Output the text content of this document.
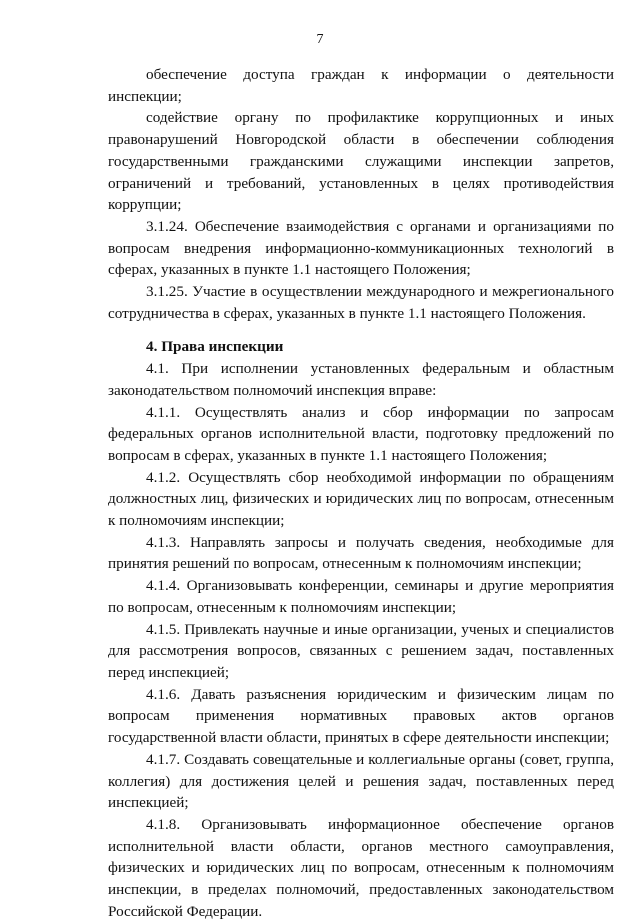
7

обеспечение доступа граждан к информации о деятельности инспекции;

содействие органу по профилактике коррупционных и иных правонарушений Новгородской области в обеспечении соблюдения государственными гражданскими служащими инспекции запретов, ограничений и требований, установленных в целях противодействия коррупции;

3.1.24. Обеспечение взаимодействия с органами и организациями по вопросам внедрения информационно-коммуникационных технологий в сферах, указанных в пункте 1.1 настоящего Положения;

3.1.25. Участие в осуществлении международного и межрегионального сотрудничества в сферах, указанных в пункте 1.1 настоящего Положения.

4. Права инспекции

4.1. При исполнении установленных федеральным и областным законодательством полномочий инспекция вправе:

4.1.1. Осуществлять анализ и сбор информации по запросам федеральных органов исполнительной власти, подготовку предложений по вопросам в сферах, указанных в пункте 1.1 настоящего Положения;

4.1.2. Осуществлять сбор необходимой информации по обращениям должностных лиц, физических и юридических лиц по вопросам, отнесенным к полномочиям инспекции;

4.1.3. Направлять запросы и получать сведения, необходимые для принятия решений по вопросам, отнесенным к полномочиям инспекции;

4.1.4. Организовывать конференции, семинары и другие мероприятия по вопросам, отнесенным к полномочиям инспекции;

4.1.5. Привлекать научные и иные организации, ученых и специалистов для рассмотрения вопросов, связанных с решением задач, поставленных перед инспекцией;

4.1.6. Давать разъяснения юридическим и физическим лицам по вопросам применения нормативных правовых актов органов государственной власти области, принятых в сфере деятельности инспекции;

4.1.7. Создавать совещательные и коллегиальные органы (совет, группа, коллегия) для достижения целей и решения задач, поставленных перед инспекцией;

4.1.8. Организовывать информационное обеспечение органов исполнительной власти области, органов местного самоуправления, физических и юридических лиц по вопросам, отнесенным к полномочиям инспекции, в пределах полномочий, предоставленных законодательством Российской Федерации.
